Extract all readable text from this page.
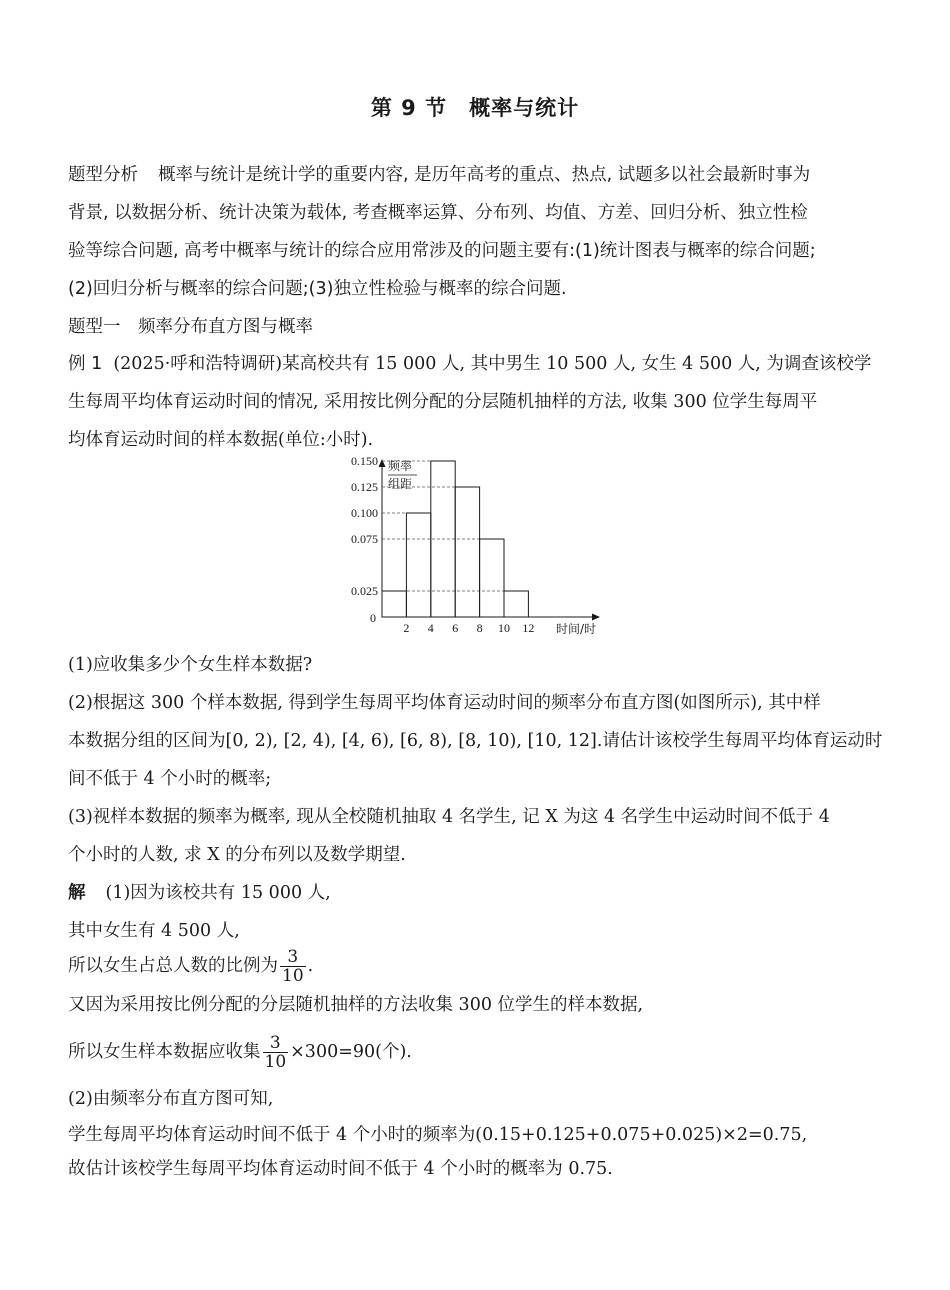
第 9 节　概率与统计
题型分析 概率与统计是统计学的重要内容, 是历年高考的重点、热点, 试题多以社会最新时事为
背景, 以数据分析、统计决策为载体, 考查概率运算、分布列、均值、方差、回归分析、独立性检
验等综合问题, 高考中概率与统计的综合应用常涉及的问题主要有:(1)统计图表与概率的综合问题;
(2)回归分析与概率的综合问题;(3)独立性检验与概率的综合问题.
题型一　频率分布直方图与概率
例 1 (2025·呼和浩特调研)某高校共有 15 000 人, 其中男生 10 500 人, 女生 4 500 人, 为调查该校学
生每周平均体育运动时间的情况, 采用按比例分配的分层随机抽样的方法, 收集 300 位学生每周平
均体育运动时间的样本数据(单位:小时).
频率
组距
时间/时
0
2 4 6 8 10 12
0.025
0.075
0.100
0.125
0.150
(1)应收集多少个女生样本数据?
(2)根据这 300 个样本数据, 得到学生每周平均体育运动时间的频率分布直方图(如图所示), 其中样
本数据分组的区间为[0, 2), [2, 4), [4, 6), [6, 8), [8, 10), [10, 12].请估计该校学生每周平均体育运动时
间不低于 4 个小时的概率;
(3)视样本数据的频率为概率, 现从全校随机抽取 4 名学生, 记 X 为这 4 名学生中运动时间不低于 4
个小时的人数, 求 X 的分布列以及数学期望.
解 (1)因为该校共有 15 000 人,
其中女生有 4 500 人,
所以女生占总人数的比例为 $\frac{3}{10}$ .
又因为采用按比例分配的分层随机抽样的方法收集 300 位学生的样本数据,
所以女生样本数据应收集 $\frac{3}{10} \times 300=90$(个).
(2)由频率分布直方图可知,
学生每周平均体育运动时间不低于 4 个小时的频率为(0.15+0.125+0.075+0.025)×2=0.75,
故估计该校学生每周平均体育运动时间不低于 4 个小时的概率为 0.75.
